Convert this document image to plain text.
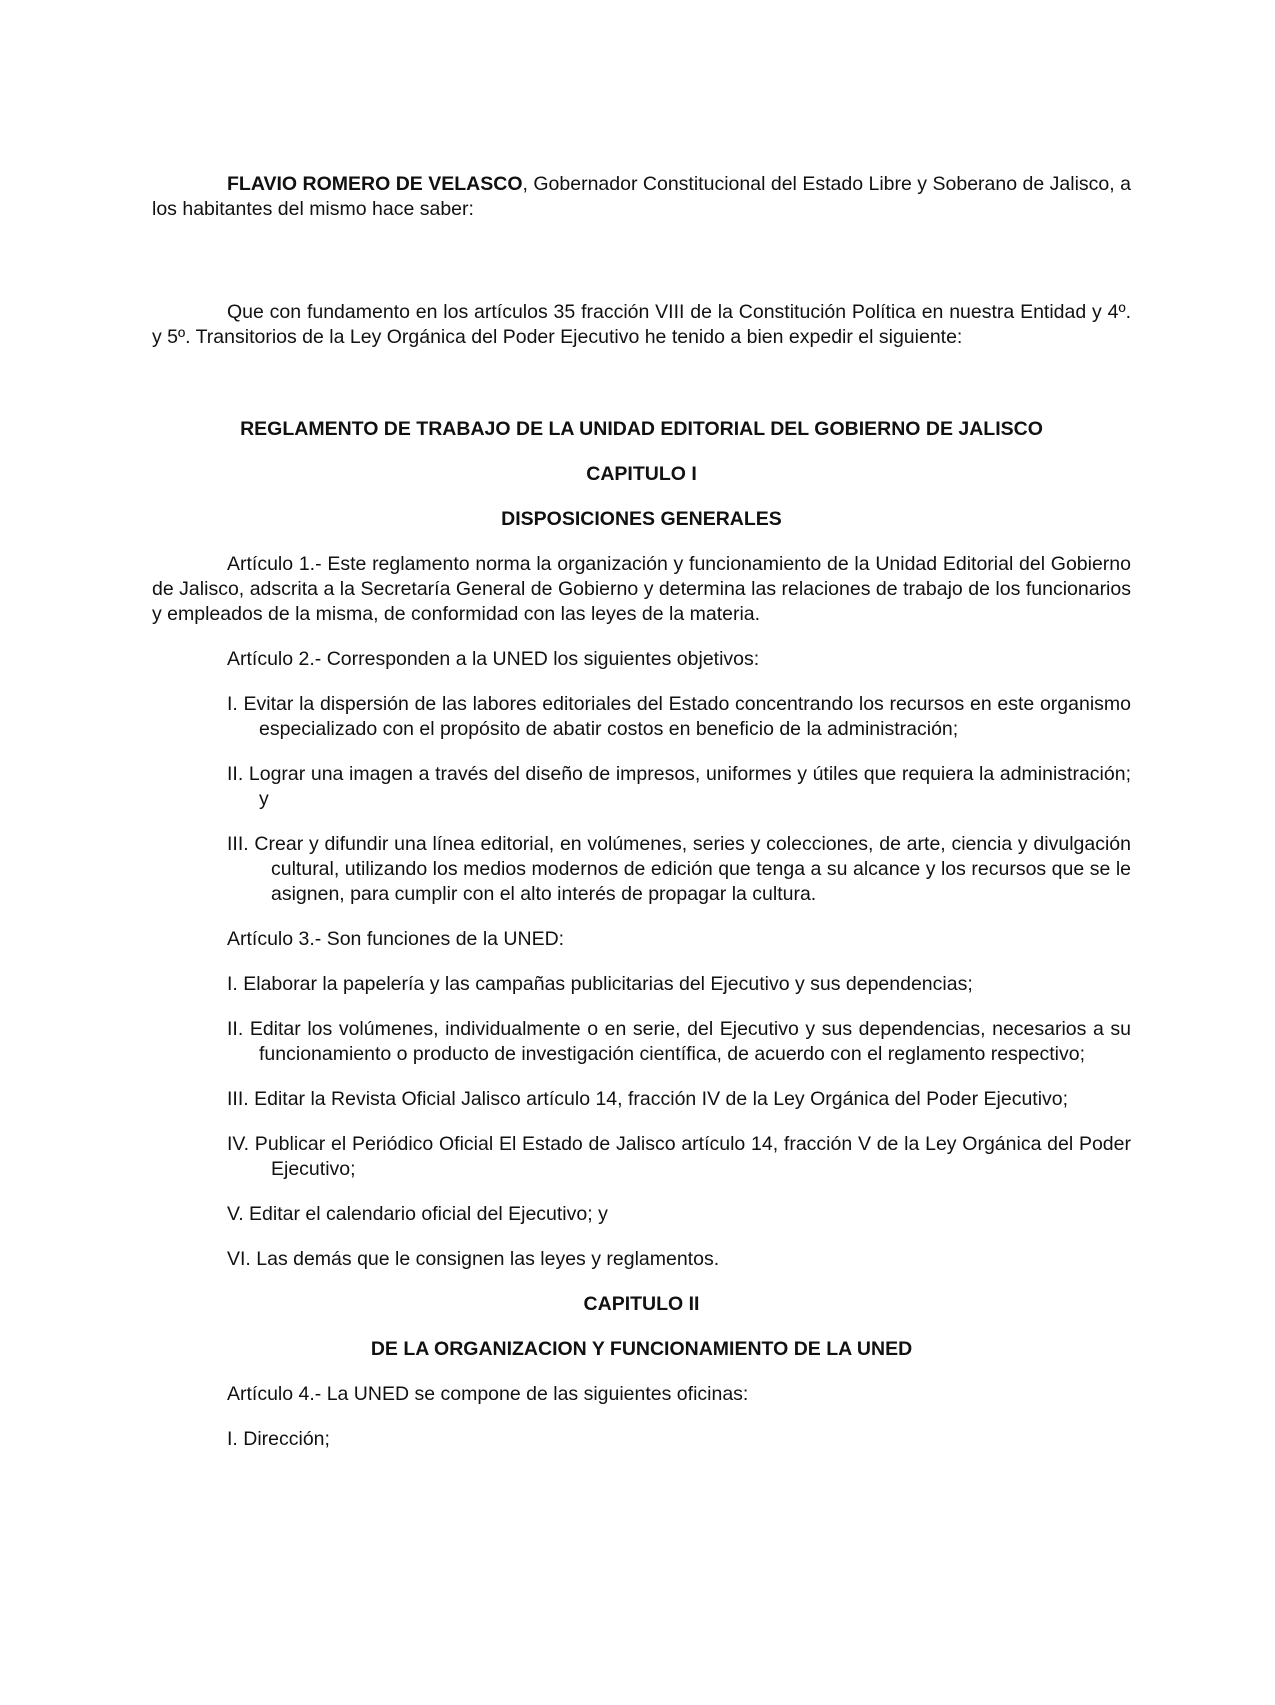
FLAVIO ROMERO DE VELASCO, Gobernador Constitucional del Estado Libre y Soberano de Jalisco, a los habitantes del mismo hace saber:

Que con fundamento en los artículos 35 fracción VIII de la Constitución Política en nuestra Entidad y 4º. y 5º. Transitorios de la Ley Orgánica del Poder Ejecutivo he tenido a bien expedir el siguiente:

REGLAMENTO DE TRABAJO DE LA UNIDAD EDITORIAL DEL GOBIERNO DE JALISCO

CAPITULO I

DISPOSICIONES GENERALES

Artículo 1.- Este reglamento norma la organización y funcionamiento de la Unidad Editorial del Gobierno de Jalisco, adscrita a la Secretaría General de Gobierno y determina las relaciones de trabajo de los funcionarios y empleados de la misma, de conformidad con las leyes de la materia.

Artículo 2.- Corresponden a la UNED los siguientes objetivos:

I. Evitar la dispersión de las labores editoriales del Estado concentrando los recursos en este organismo especializado con el propósito de abatir costos en beneficio de la administración;

II. Lograr una imagen a través del diseño de impresos, uniformes y útiles que requiera la administración; y

III. Crear y difundir una línea editorial, en volúmenes, series y colecciones, de arte, ciencia y divulgación cultural, utilizando los medios modernos de edición que tenga a su alcance y los recursos que se le asignen, para cumplir con el alto interés de propagar la cultura.

Artículo 3.- Son funciones de la UNED:

I. Elaborar la papelería y las campañas publicitarias del Ejecutivo y sus dependencias;

II. Editar los volúmenes, individualmente o en serie, del Ejecutivo y sus dependencias, necesarios a su funcionamiento o producto de investigación científica, de acuerdo con el reglamento respectivo;

III. Editar la Revista Oficial Jalisco artículo 14, fracción IV de la Ley Orgánica del Poder Ejecutivo;

IV. Publicar el Periódico Oficial El Estado de Jalisco artículo 14, fracción V de la Ley Orgánica del Poder Ejecutivo;

V. Editar el calendario oficial del Ejecutivo; y

VI. Las demás que le consignen las leyes y reglamentos.

CAPITULO II

DE LA ORGANIZACION Y FUNCIONAMIENTO DE LA UNED

Artículo 4.- La UNED se compone de las siguientes oficinas:

I. Dirección;
